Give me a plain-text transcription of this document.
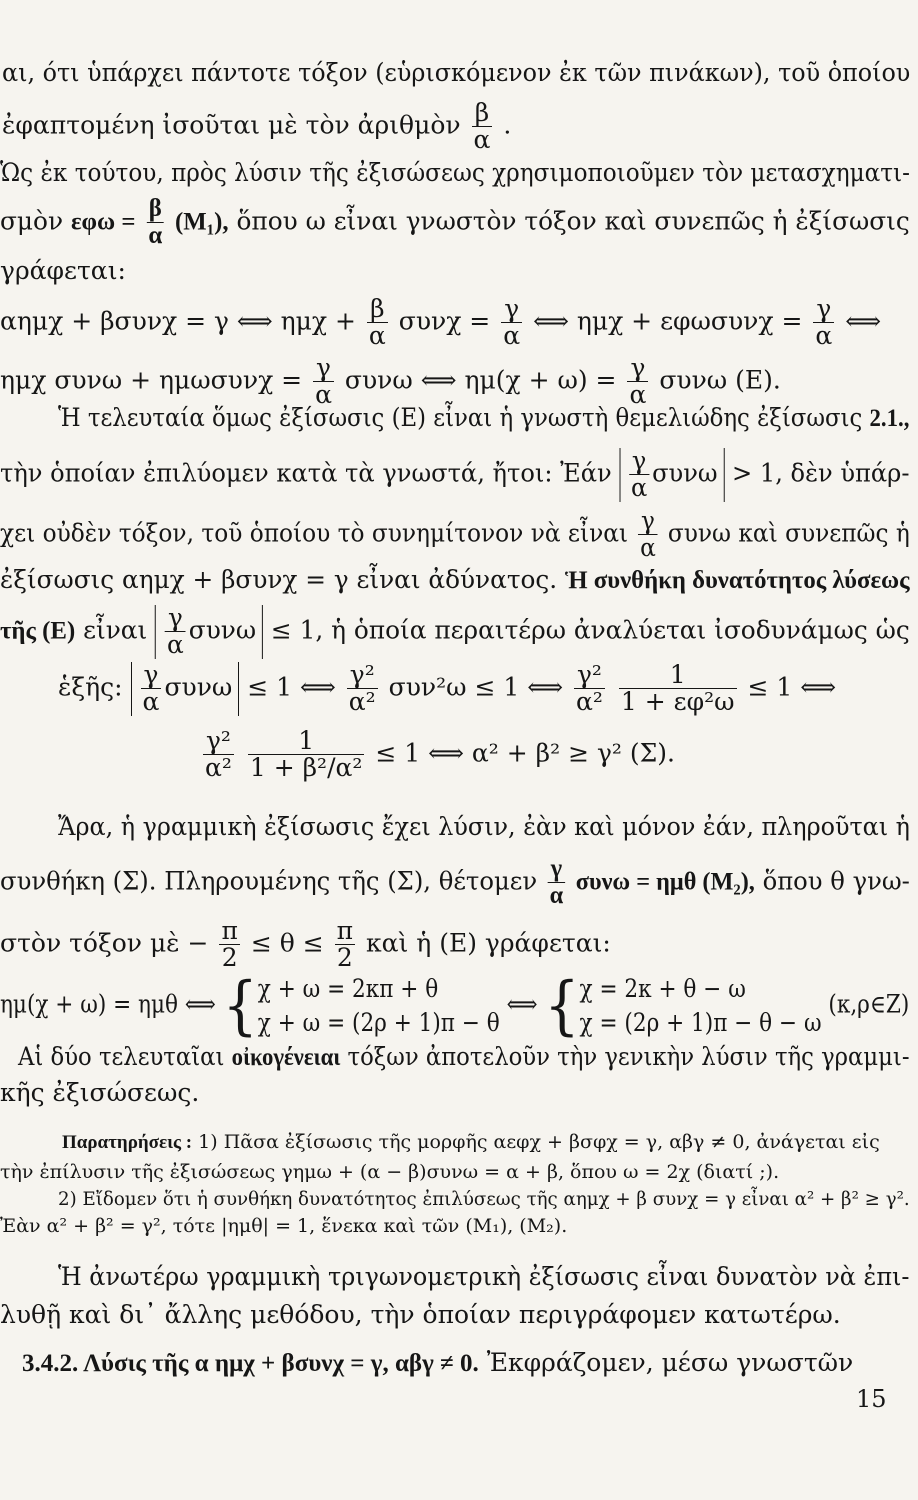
αι, ότι ὑπάρχει πάντοτε τόξον (εὑρισκόμενον ἐκ τῶν πινάκων), τοῦ ὁποίου
ἐφαπτομένη ἰσοῦται μὲ τὸν ἀριθμὸν $\frac{\beta}{\alpha}$ .
Ὡς ἐκ τούτου, πρὸς λύσιν τῆς ἐξισώσεως χρησιμοποιοῦμεν τὸν μετασχηματι-
σμὸν $\varepsilon\varphi\omega = \frac{\beta}{\alpha} (M_1)$, ὅπου ω εἶναι γνωστὸν τόξον καὶ συνεπῶς ἡ ἐξίσωσις
γράφεται:
αημχ + βσυνχ = γ ⟺ $\eta\mu\chi + \frac{\beta}{\alpha}$ $\sigma\upsilon\nu\chi = \frac{\gamma}{\alpha}$ ⟺ $\eta\mu\chi + \varepsilon\varphi\omega\sigma\upsilon\nu\chi = \frac{\gamma}{\alpha}$ ⟺
ημχ $\sigma\upsilon\nu\omega + \eta\mu\omega\sigma\upsilon\nu\chi = \frac{\gamma}{\alpha}$ συνω ⟺ $\eta\mu(\chi + \omega) = \frac{\gamma}{\alpha}$ συνω (Ε).
Ἡ τελευταία ὅμως ἐξίσωσις (Ε) εἶναι ἡ γνωστὴ θεμελιώδης ἐξίσωσις 2.1.,
τὴν ὁποίαν ἐπιλύομεν κατὰ τὰ γνωστά, ἤτοι: Ἐάν $\frac{\gamma}{\alpha}$ συνω > 1, δὲν ὑπάρ-
χει οὐδὲν τόξον, τοῦ ὁποίου τὸ συνημίτονον νὰ εἶναι $\frac{\gamma}{\alpha}$ συνω καὶ συνεπῶς ἡ
ἐξίσωσις αημχ + βσυνχ = γ εἶναι ἀδύνατος. Ἡ συνθήκη δυνατότητος λύσεως
τῆς (Ε) εἶναι $\frac{\gamma}{\alpha}$ συνω ≤ 1, ἡ ὁποία περαιτέρω ἀναλύεται ἰσοδυνάμως ὡς
ἑξῆς: $\frac{\gamma}{\alpha}$ συνω ≤ 1 ⟺ $\frac{\text{γ²}}{\text{α²}} \sigma\upsilon\nu^2\omega \le 1$ ⟺ $\frac{\text{γ²}}{\text{α²}}$
$\frac{1}{\text{1 + εφ²ω}} \le 1$ ⟺
$\frac{\text{γ²}}{\text{α²}}$
$\frac{1}{\text{1 + β²/α²}} \le 1$ ⟺ α² + β² ≥ γ² (Σ).
Ἄρα, ἡ γραμμικὴ ἐξίσωσις ἔχει λύσιν, ἐὰν καὶ μόνον ἐάν, πληροῦται ἡ
συνθήκη (Σ). Πληρουμένης τῆς (Σ), θέτομεν $\frac{\gamma}{\alpha}$ συνω = ημθ (M₂), ὅπου θ γνω-
στὸν τόξον μὲ − $\frac{\pi}{2} \le \theta \le \frac{\pi}{2}$ καὶ ἡ (Ε) γράφεται:
ημ(χ + ω) = ημθ ⟺ {χ + ω = 2κπ + θ
χ + ω = (2ρ + 1)π − θ ⟺ {χ = 2κ + θ − ω
χ = (2ρ + 1)π − θ − ω (κ,ρ∈Ζ)
Αἱ δύο τελευταῖαι οἰκογένειαι τόξων ἀποτελοῦν τὴν γενικὴν λύσιν τῆς γραμμι-
κῆς ἐξισώσεως.
Παρατηρήσεις : 1) Πᾶσα ἐξίσωσις τῆς μορφῆς αεφχ + βσφχ = γ, αβγ ≠ 0, ἀνάγεται εἰς
τὴν ἐπίλυσιν τῆς ἐξισώσεως γημω + (α − β)συνω = α + β, ὅπου ω = 2χ (διατί ;).
2) Εἴδομεν ὅτι ἡ συνθήκη δυνατότητος ἐπιλύσεως τῆς αημχ + β συνχ = γ εἶναι α² + β² ≥ γ².
Ἐὰν α² + β² = γ², τότε |ημθ| = 1, ἕνεκα καὶ τῶν (M₁), (M₂).
Ἡ ἀνωτέρω γραμμικὴ τριγωνομετρικὴ ἐξίσωσις εἶναι δυνατὸν νὰ ἐπι-
λυθῇ καὶ δι᾽ ἄλλης μεθόδου, τὴν ὁποίαν περιγράφομεν κατωτέρω.
3.4.2. Λύσις τῆς α ημχ + βσυνχ = γ, αβγ ≠ 0. Ἐκφράζομεν, μέσω γνωστῶν
15
